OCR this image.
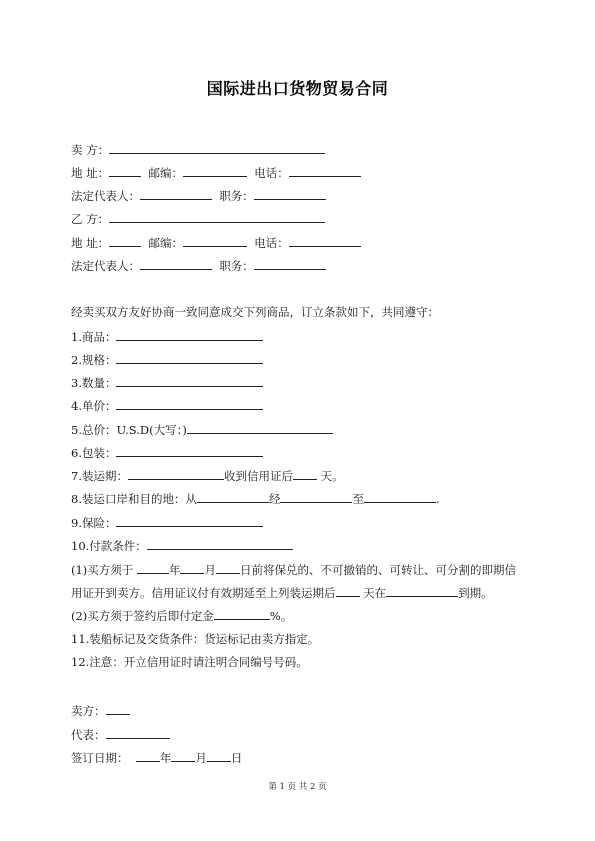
国际进出口货物贸易合同
卖 方：
地 址：	邮编：	电话：
法定代表人：	职务：
乙 方：
地 址：	邮编：	电话：
法定代表人：	职务：
经卖买双方友好协商一致同意成交下列商品，订立条款如下，共同遵守：
1.商品：
2.规格：
3.数量：
4.单价：
5.总价：U.S.D(大写：)
6.包装：
7.装运期：	收到信用证后 天。
8.装运口岸和目的地：从	经	至	.
9.保险：
10.付款条件：
(1)买方须于	年 月 日前将保兑的、不可撤销的、可转让、可分割的即期信
用证开到卖方。信用证议付有效期延至上列装运期后 天在	到期。
(2)买方须于签约后即付定金	%。
11.装船标记及交货条件：货运标记由卖方指定。
12.注意：开立信用证时请注明合同编号号码。
卖方：
代表：
签订日期：	年 月 日
第 1 页 共 2 页
